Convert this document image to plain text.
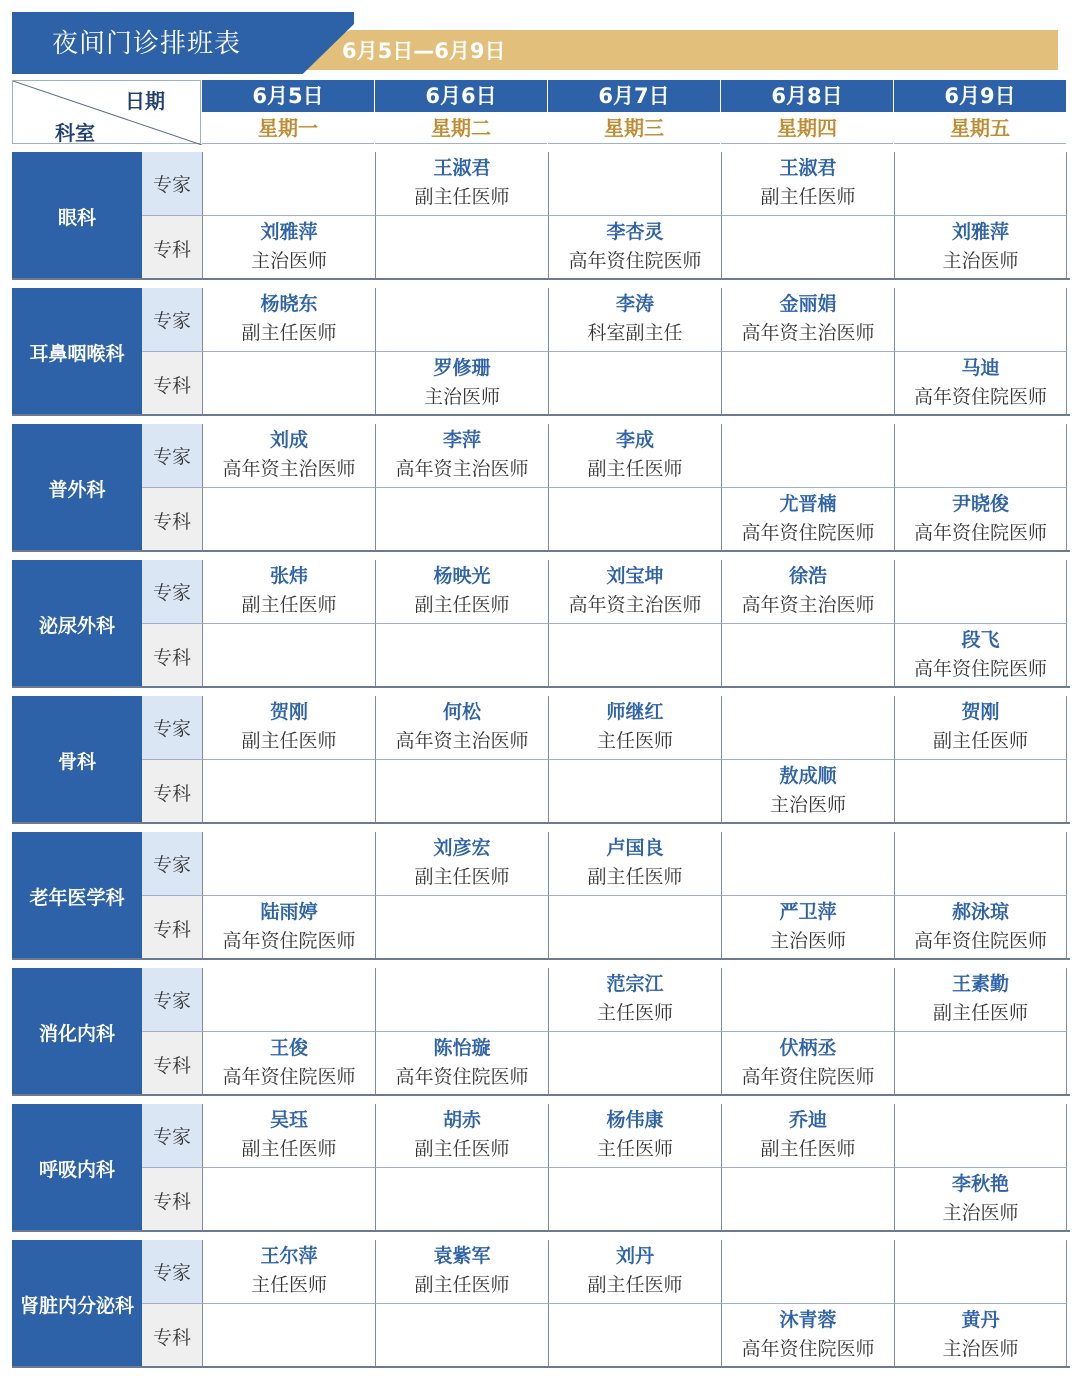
6月5日—6月9日
夜间门诊排班表
日期
科室
6月5日
星期一
6月6日
星期二
6月7日
星期三
6月8日
星期四
6月9日
星期五
眼科
专家
专科
王淑君
副主任医师
王淑君
副主任医师
刘雅萍
主治医师
李杏灵
高年资住院医师
刘雅萍
主治医师
耳鼻咽喉科
专家
专科
杨晓东
副主任医师
李涛
科室副主任
金丽娟
高年资主治医师
罗修珊
主治医师
马迪
高年资住院医师
普外科
专家
专科
刘成
高年资主治医师
李萍
高年资主治医师
李成
副主任医师
尤晋楠
高年资住院医师
尹晓俊
高年资住院医师
泌尿外科
专家
专科
张炜
副主任医师
杨映光
副主任医师
刘宝坤
高年资主治医师
徐浩
高年资主治医师
段飞
高年资住院医师
骨科
专家
专科
贺刚
副主任医师
何松
高年资主治医师
师继红
主任医师
贺刚
副主任医师
敖成顺
主治医师
老年医学科
专家
专科
刘彦宏
副主任医师
卢国良
副主任医师
陆雨婷
高年资住院医师
严卫萍
主治医师
郝泳琼
高年资住院医师
消化内科
专家
专科
范宗江
主任医师
王素勤
副主任医师
王俊
高年资住院医师
陈怡璇
高年资住院医师
伏柄丞
高年资住院医师
呼吸内科
专家
专科
吴珏
副主任医师
胡赤
副主任医师
杨伟康
主任医师
乔迪
副主任医师
李秋艳
主治医师
肾脏内分泌科
专家
专科
王尔萍
主任医师
袁紫军
副主任医师
刘丹
副主任医师
沐青蓉
高年资住院医师
黄丹
主治医师
